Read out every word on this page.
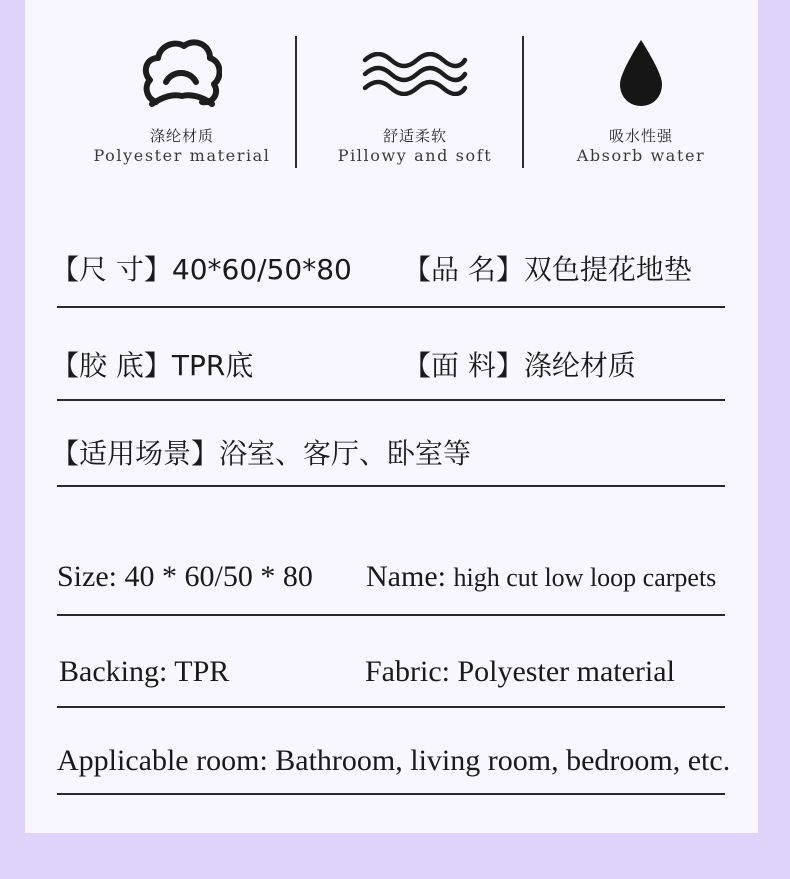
涤纶材质
Polyester material
舒适柔软
Pillowy and soft
吸水性强
Absorb water
【尺 寸】40*60/50*80 【品 名】双色提花地垫
【胶 底】TPR底	【面 料】涤纶材质
【适用场景】浴室、客厅、卧室等
Size: 40 * 60/50 * 80 Name: high cut low loop carpets
Backing: TPR	Fabric: Polyester material
Applicable room: Bathroom, living room, bedroom, etc.
